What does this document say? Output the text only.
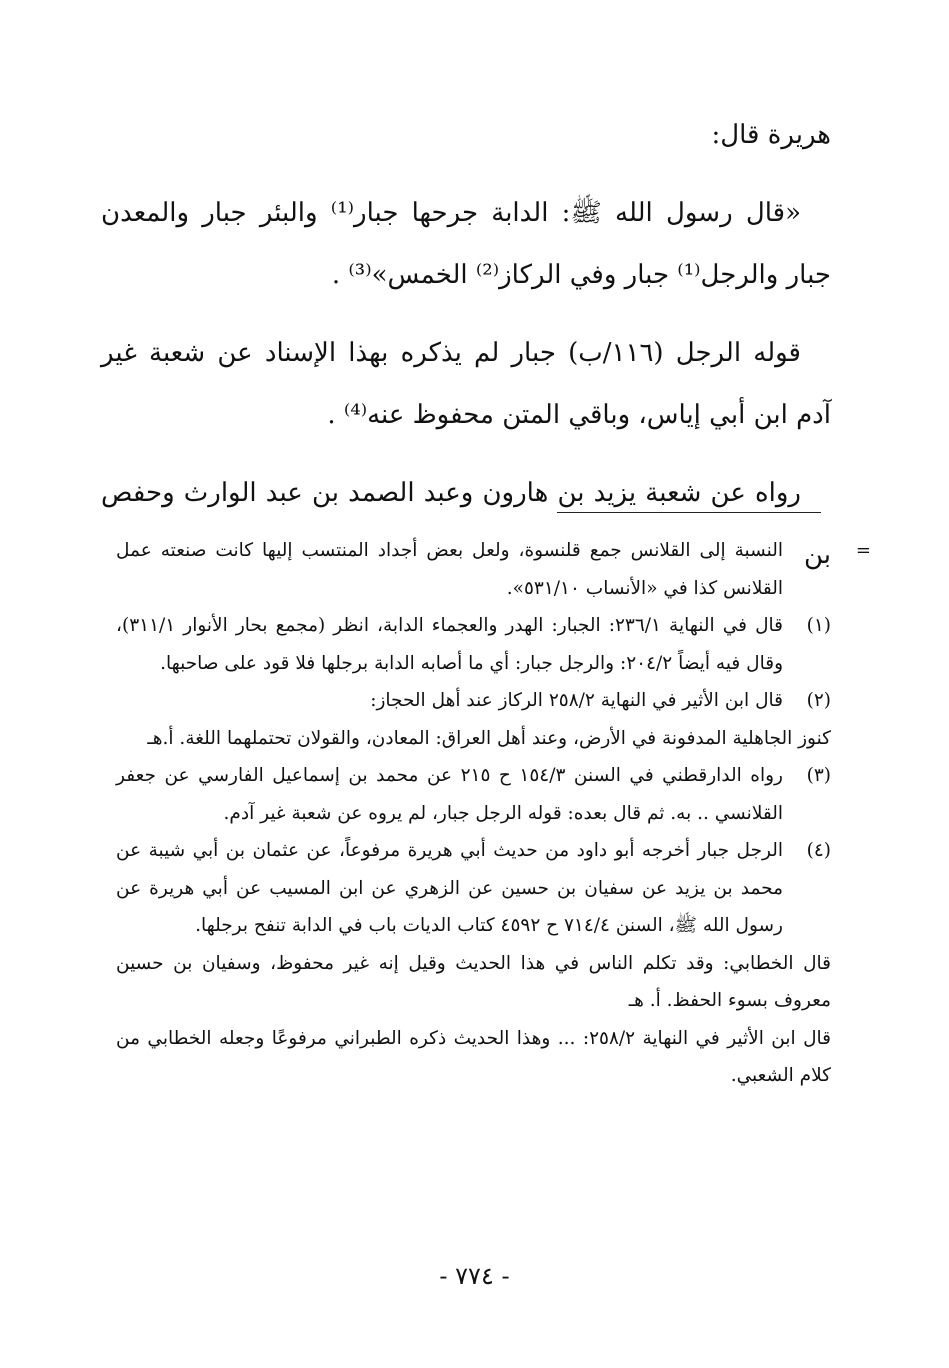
هريرة قال:

«قال رسول الله ﷺ: الدابة جرحها جبار⁽¹⁾ والبئر جبار والمعدن جبار والرجل⁽¹⁾ جبار وفي الركاز⁽²⁾ الخمس»⁽³⁾ .

قوله الرجل (١١٦/ب) جبار لم يذكره بهذا الإسناد عن شعبة غير آدم ابن أبي إياس، وباقي المتن محفوظ عنه⁽⁴⁾ .

رواه عن شعبة يزيد بن هارون وعبد الصمد بن عبد الوارث وحفص بن =

النسبة إلى القلانس جمع قلنسوة، ولعل بعض أجداد المنتسب إليها كانت صنعته عمل القلانس كذا في «الأنساب ٥٣١/١٠».

(١)

قال في النهاية ٢٣٦/١: الجبار: الهدر والعجماء الدابة، انظر (مجمع بحار الأنوار ٣١١/١)، وقال فيه أيضاً ٢٠٤/٢: والرجل جبار: أي ما أصابه الدابة برجلها فلا قود على صاحبها.

(٢)

قال ابن الأثير في النهاية ٢٥٨/٢ الركاز عند أهل الحجاز:

كنوز الجاهلية المدفونة في الأرض، وعند أهل العراق: المعادن، والقولان تحتملهما اللغة. أ.هـ

(٣)

رواه الدارقطني في السنن ١٥٤/٣ ح ٢١٥ عن محمد بن إسماعيل الفارسي عن جعفر القلانسي .. به. ثم قال بعده: قوله الرجل جبار، لم يروه عن شعبة غير آدم.

(٤)

الرجل جبار أخرجه أبو داود من حديث أبي هريرة مرفوعاً، عن عثمان بن أبي شيبة عن محمد بن يزيد عن سفيان بن حسين عن الزهري عن ابن المسيب عن أبي هريرة عن رسول الله ﷺ، السنن ٧١٤/٤ ح ٤٥٩٢ كتاب الديات باب في الدابة تنفح برجلها.

قال الخطابي: وقد تكلم الناس في هذا الحديث وقيل إنه غير محفوظ، وسفيان بن حسين معروف بسوء الحفظ. أ. هـ

قال ابن الأثير في النهاية ٢٥٨/٢: ... وهذا الحديث ذكره الطبراني مرفوعًا وجعله الخطابي من كلام الشعبي.

- ٧٧٤ -
